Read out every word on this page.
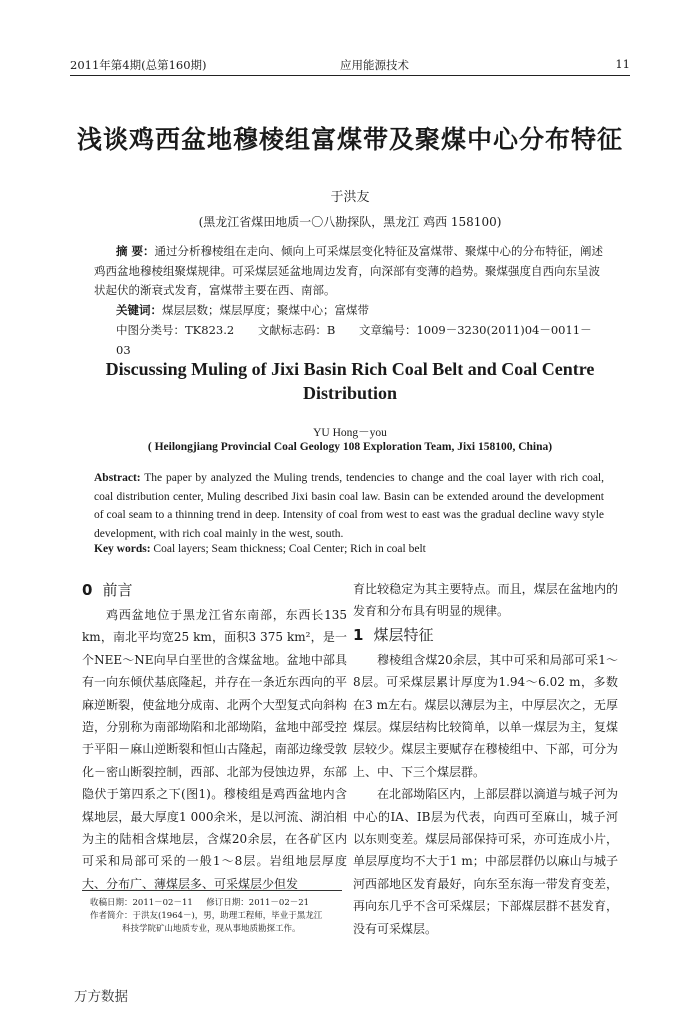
2011年第4期(总第160期)	应用能源技术	11
浅谈鸡西盆地穆棱组富煤带及聚煤中心分布特征
于洪友
(黑龙江省煤田地质一〇八勘探队，黑龙江 鸡西 158100)
摘 要：通过分析穆棱组在走向、倾向上可采煤层变化特征及富煤带、聚煤中心的分布特征，阐述鸡西盆地穆棱组聚煤规律。可采煤层延盆地周边发育，向深部有变薄的趋势。聚煤强度自西向东呈波状起伏的渐衰式发育，富煤带主要在西、南部。
关键词：煤层层数；煤层厚度；聚煤中心；富煤带
中图分类号：TK823.2 文献标志码：B 文章编号：1009－3230(2011)04－0011－03
Discussing Muling of Jixi Basin Rich Coal Belt and Coal Centre Distribution
YU Hong－you
( Heilongjiang Provincial Coal Geology 108 Exploration Team, Jixi 158100, China)
Abstract: The paper by analyzed the Muling trends, tendencies to change and the coal layer with rich coal, coal distribution center, Muling described Jixi basin coal law. Basin can be extended around the development of coal seam to a thinning trend in deep. Intensity of coal from west to east was the gradual decline wavy style development, with rich coal mainly in the west, south.
Key words: Coal layers; Seam thickness; Coal Center; Rich in coal belt
0 前言

鸡西盆地位于黑龙江省东南部，东西长135 km，南北平均宽25 km，面积3 375 km²，是一个NEE～NE向早白垩世的含煤盆地。盆地中部具有一向东倾伏基底隆起，并存在一条近东西向的平麻逆断裂，使盆地分成南、北两个大型复式向斜构造，分别称为南部坳陷和北部坳陷，盆地中部受控于平阳－麻山逆断裂和恒山古隆起，南部边缘受敦化－密山断裂控制，西部、北部为侵蚀边界，东部隐伏于第四系之下(图1)。穆棱组是鸡西盆地内含煤地层，最大厚度1 000余米，是以河流、湖泊相为主的陆相含煤地层，含煤20余层，在各矿区内可采和局部可采的一般1～8层。岩组地层厚度大、分布广、薄煤层多、可采煤层少但发

育比较稳定为其主要特点。而且，煤层在盆地内的发育和分布具有明显的规律。

1 煤层特征

穆棱组含煤20余层，其中可采和局部可采1～8层。可采煤层累计厚度为1.94～6.02 m，多数在3 m左右。煤层以薄层为主，中厚层次之，无厚煤层。煤层结构比较简单，以单一煤层为主，复煤层较少。煤层主要赋存在穆棱组中、下部，可分为上、中、下三个煤层群。

在北部坳陷区内，上部层群以滴道与城子河为中心的IA、IB层为代表，向西可至麻山，城子河以东则变差。煤层局部保持可采，亦可连成小片，单层厚度均不大于1 m；中部层群仍以麻山与城子河西部地区发育最好，向东至东海一带发育变差，再向东几乎不含可采煤层；下部煤层群不甚发育，没有可采煤层。

收稿日期：2011－02－11 修订日期：2011－02－21
作者简介：于洪友(1964－)，男，助理工程师，毕业于黑龙江
科技学院矿山地质专业，现从事地质勘探工作。
万方数据
